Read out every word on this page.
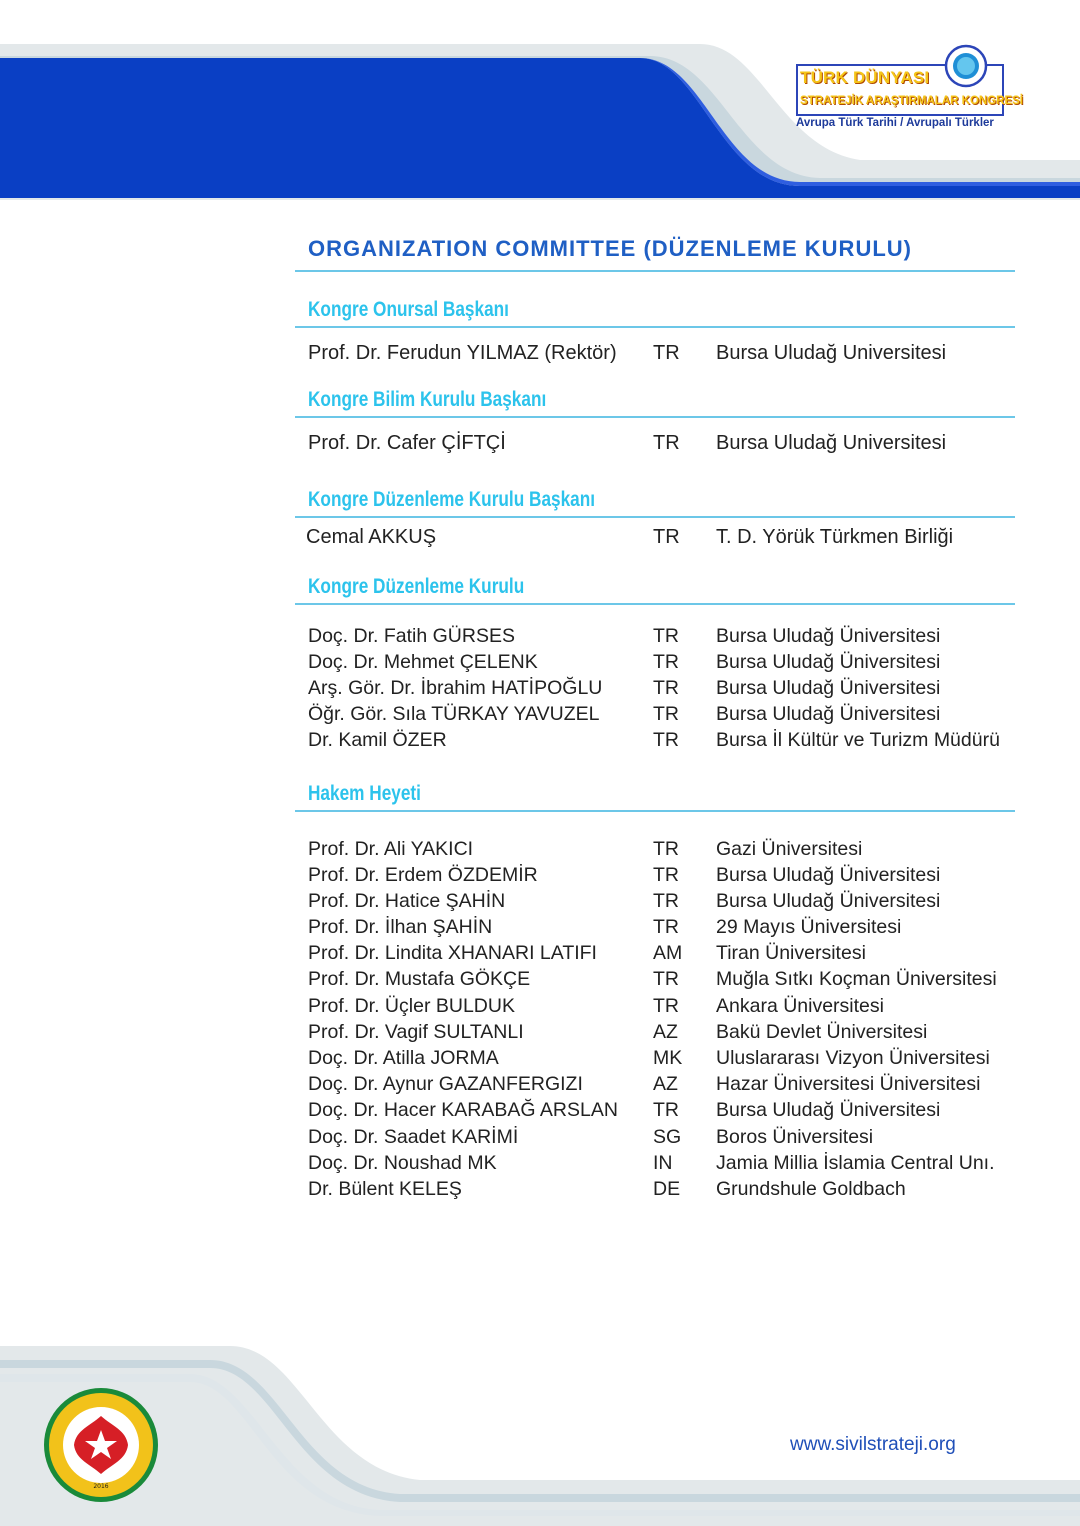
TÜRK DÜNYASI
STRATEJİK ARAŞTIRMALAR KONGRESİ
Avrupa Türk Tarihi / Avrupalı Türkler
ORGANIZATION COMMITTEE (DÜZENLEME KURULU)
Kongre Onursal Başkanı
Prof. Dr. Ferudun YILMAZ (Rektör) TR Bursa Uludağ Universitesi
Kongre Bilim Kurulu Başkanı
Prof. Dr. Cafer ÇİFTÇİ	TR Bursa Uludağ Universitesi
Kongre Düzenleme Kurulu Başkanı
Cemal AKKUŞ	TR T. D. Yörük Türkmen Birliği
Kongre Düzenleme Kurulu
Doç. Dr. Fatih GÜRSES	TR Bursa Uludağ Üniversitesi
Doç. Dr. Mehmet ÇELENK	TR Bursa Uludağ Üniversitesi
Arş. Gör. Dr. İbrahim HATİPOĞLU	TR Bursa Uludağ Üniversitesi
Öğr. Gör. Sıla TÜRKAY YAVUZEL	TR Bursa Uludağ Üniversitesi
Dr. Kamil ÖZER	TR Bursa İl Kültür ve Turizm Müdürü
Hakem Heyeti
Prof. Dr. Ali YAKICI	TR Gazi Üniversitesi
Prof. Dr. Erdem ÖZDEMİR	TR Bursa Uludağ Üniversitesi
Prof. Dr. Hatice ŞAHİN	TR Bursa Uludağ Üniversitesi
Prof. Dr. İlhan ŞAHİN	TR 29 Mayıs Üniversitesi
Prof. Dr. Lindita XHANARI LATIFI	AM Tiran Üniversitesi
Prof. Dr. Mustafa GÖKÇE	TR Muğla Sıtkı Koçman Üniversitesi
Prof. Dr. Üçler BULDUK	TR Ankara Üniversitesi
Prof. Dr. Vagif SULTANLI	AZ Bakü Devlet Üniversitesi
Doç. Dr. Atilla JORMA	MK Uluslararası Vizyon Üniversitesi
Doç. Dr. Aynur GAZANFERGIZI	AZ Hazar Üniversitesi Üniversitesi
Doç. Dr. Hacer KARABAĞ ARSLAN TR Bursa Uludağ Üniversitesi
Doç. Dr. Saadet KARİMİ	SG Boros Üniversitesi
Doç. Dr. Noushad MK	IN Jamia Millia İslamia Central Unı.
Dr. Bülent KELEŞ	DE Grundshule Goldbach
2016
www.sivilstrateji.org
